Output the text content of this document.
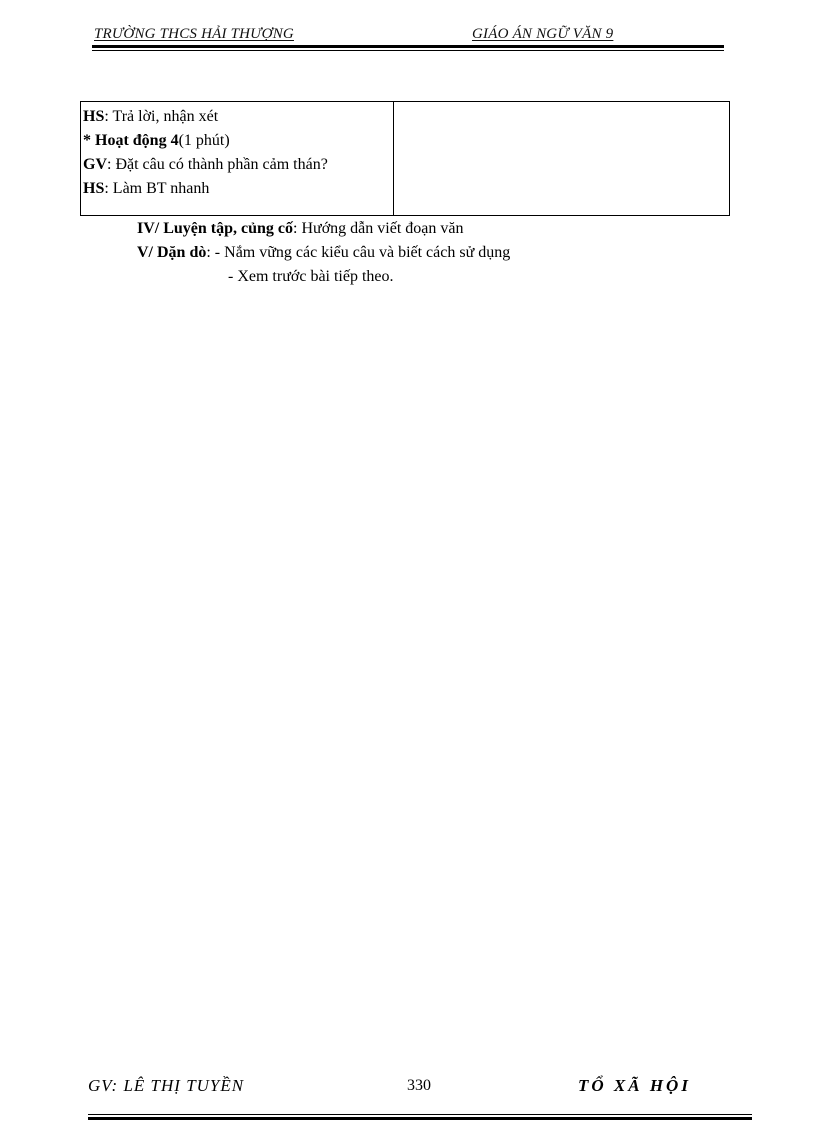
TRƯỜNG THCS HẢI THƯỢNG	GIÁO ÁN NGỮ VĂN 9
HS: Trả lời, nhận xét
* Hoạt động 4(1 phút)
GV: Đặt câu có thành phần cảm thán?
HS: Làm BT nhanh
IV/ Luyện tập, củng cố: Hướng dẫn viết đoạn văn
V/ Dặn dò: - Nắm vững các kiểu câu và biết cách sử dụng
- Xem trước bài tiếp theo.
GV: LÊ THỊ TUYỀN	330	TỔ XÃ HỘI
